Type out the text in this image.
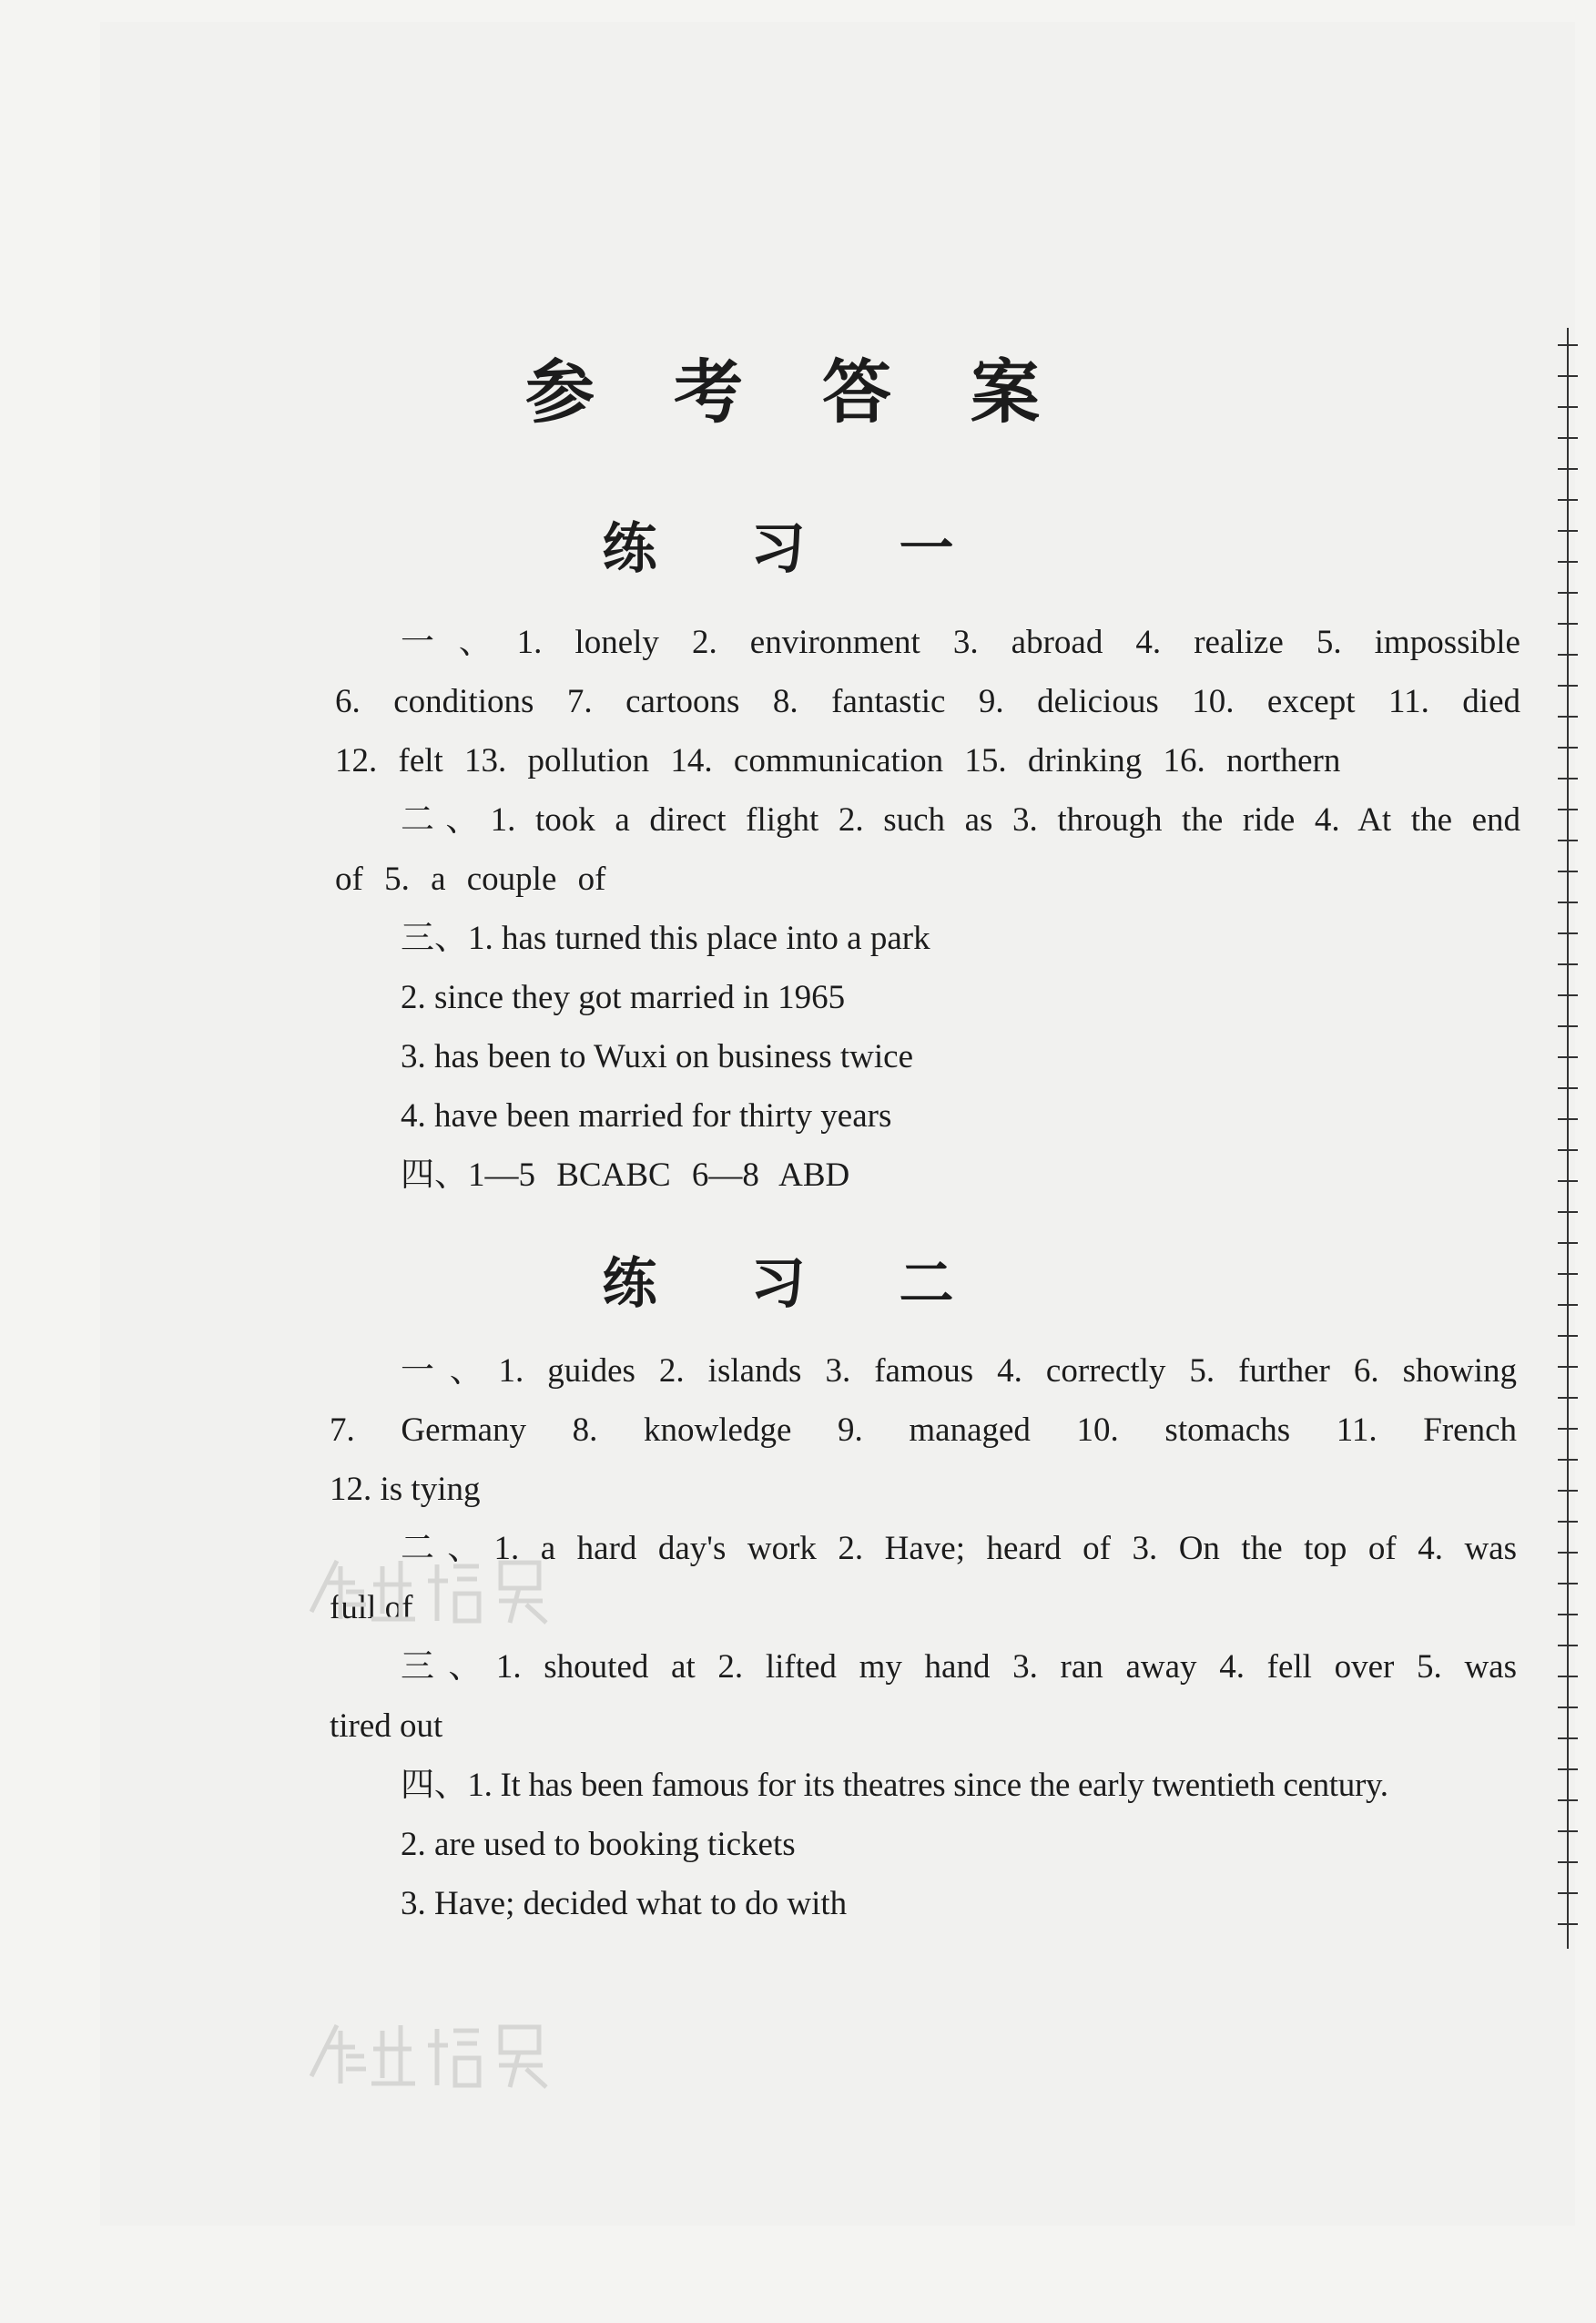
参 考 答 案
练 习 一
一、1. lonely 2. environment 3. abroad 4. realize 5. impossible
6. conditions 7. cartoons 8. fantastic 9. delicious 10. except 11. died
12. felt 13. pollution 14. communication 15. drinking 16. northern
二、1. took a direct flight 2. such as 3. through the ride 4. At the end
of 5. a couple of
三、1. has turned this place into a park
2. since they got married in 1965
3. has been to Wuxi on business twice
4. have been married for thirty years
四、1—5 BCABC 6—8 ABD
练 习 二
一、1. guides 2. islands 3. famous 4. correctly 5. further 6. showing
7. Germany 8. knowledge 9. managed 10. stomachs 11. French
12. is tying
二、1. a hard day's work 2. Have; heard of 3. On the top of 4. was
full of
三、1. shouted at 2. lifted my hand 3. ran away 4. fell over 5. was
tired out
四、1. It has been famous for its theatres since the early twentieth century.
2. are used to booking tickets
3. Have; decided what to do with
